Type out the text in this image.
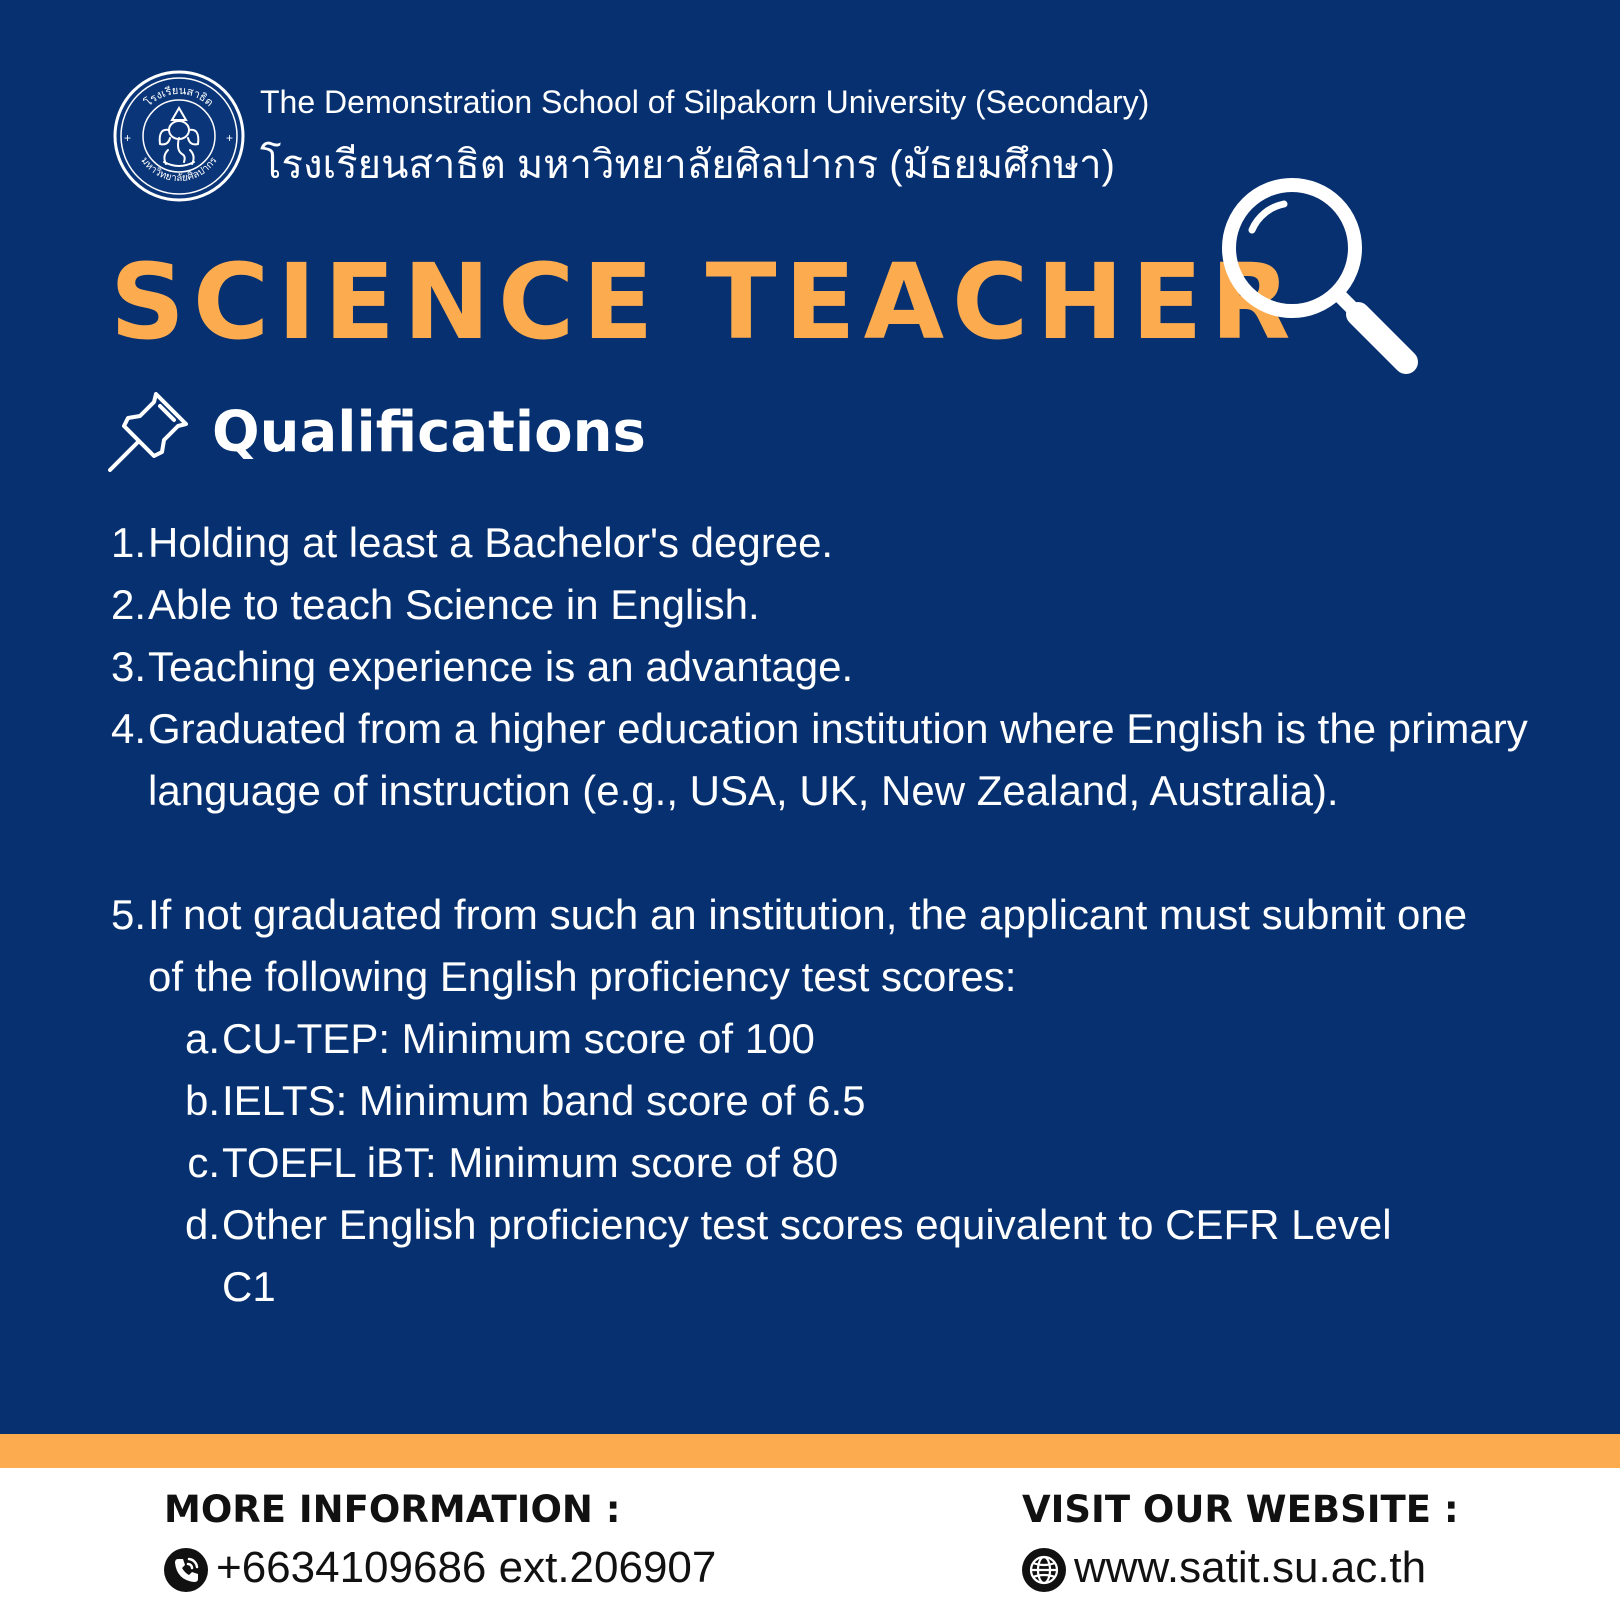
โรงเรียนสาธิต
มหาวิทยาลัยศิลปากร
+	+
The Demonstration School of Silpakorn University (Secondary)
โรงเรียนสาธิต มหาวิทยาลัยศิลปากร (มัธยมศึกษา)
SCIENCE TEACHER
Qualifications
1. Holding at least a Bachelor's degree.
2. Able to teach Science in English.
3. Teaching experience is an advantage.
4. Graduated from a higher education institution where English is the primary language of instruction (e.g., USA, UK, New Zealand, Australia).
5. If not graduated from such an institution, the applicant must submit one of the following English proficiency test scores:
a. CU-TEP: Minimum score of 100
b. IELTS: Minimum band score of 6.5
c. TOEFL iBT: Minimum score of 80
d. Other English proficiency test scores equivalent to CEFR Level C1
MORE INFORMATION :
+6634109686 ext.206907
VISIT OUR WEBSITE :
www.satit.su.ac.th
